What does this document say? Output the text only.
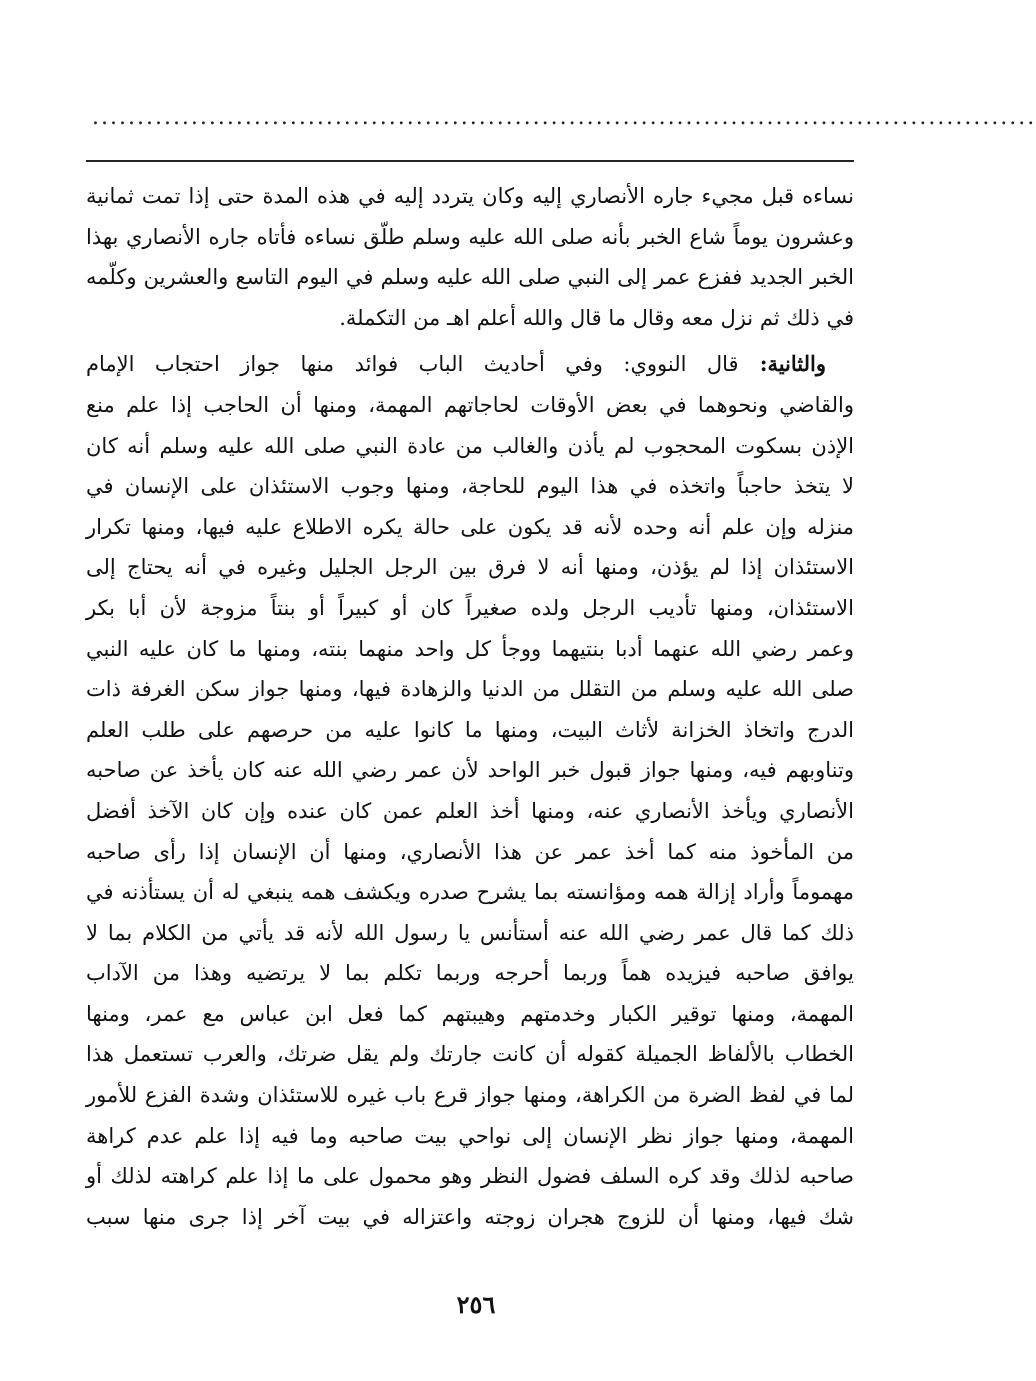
.........................................................................................................

نساءه قبل مجيء جاره الأنصاري إليه وكان يتردد إليه في هذه المدة حتى إذا تمت ثمانية
وعشرون يوماً شاع الخبر بأنه صلى الله عليه وسلم طلّق نساءه فأتاه جاره الأنصاري بهذا
الخبر الجديد ففزع عمر إلى النبي صلى الله عليه وسلم في اليوم التاسع والعشرين وكلّمه
في ذلك ثم نزل معه وقال ما قال والله أعلم اهـ من التكملة.

والثانية: قال النووي: وفي أحاديث الباب فوائد منها جواز احتجاب الإمام
والقاضي ونحوهما في بعض الأوقات لحاجاتهم المهمة، ومنها أن الحاجب إذا علم منع
الإذن بسكوت المحجوب لم يأذن والغالب من عادة النبي صلى الله عليه وسلم أنه كان
لا يتخذ حاجباً واتخذه في هذا اليوم للحاجة، ومنها وجوب الاستئذان على الإنسان في
منزله وإن علم أنه وحده لأنه قد يكون على حالة يكره الاطلاع عليه فيها، ومنها تكرار
الاستئذان إذا لم يؤذن، ومنها أنه لا فرق بين الرجل الجليل وغيره في أنه يحتاج إلى
الاستئذان، ومنها تأديب الرجل ولده صغيراً كان أو كبيراً أو بنتاً مزوجة لأن أبا بكر
وعمر رضي الله عنهما أدبا بنتيهما ووجأ كل واحد منهما بنته، ومنها ما كان عليه النبي
صلى الله عليه وسلم من التقلل من الدنيا والزهادة فيها، ومنها جواز سكن الغرفة ذات
الدرج واتخاذ الخزانة لأثاث البيت، ومنها ما كانوا عليه من حرصهم على طلب العلم
وتناوبهم فيه، ومنها جواز قبول خبر الواحد لأن عمر رضي الله عنه كان يأخذ عن صاحبه
الأنصاري ويأخذ الأنصاري عنه، ومنها أخذ العلم عمن كان عنده وإن كان الآخذ أفضل
من المأخوذ منه كما أخذ عمر عن هذا الأنصاري، ومنها أن الإنسان إذا رأى صاحبه
مهموماً وأراد إزالة همه ومؤانسته بما يشرح صدره ويكشف همه ينبغي له أن يستأذنه في
ذلك كما قال عمر رضي الله عنه أستأنس يا رسول الله لأنه قد يأتي من الكلام بما لا
يوافق صاحبه فيزيده هماً وربما أحرجه وربما تكلم بما لا يرتضيه وهذا من الآداب
المهمة، ومنها توقير الكبار وخدمتهم وهيبتهم كما فعل ابن عباس مع عمر، ومنها
الخطاب بالألفاظ الجميلة كقوله أن كانت جارتك ولم يقل ضرتك، والعرب تستعمل هذا
لما في لفظ الضرة من الكراهة، ومنها جواز قرع باب غيره للاستئذان وشدة الفزع للأمور
المهمة، ومنها جواز نظر الإنسان إلى نواحي بيت صاحبه وما فيه إذا علم عدم كراهة
صاحبه لذلك وقد كره السلف فضول النظر وهو محمول على ما إذا علم كراهته لذلك أو
شك فيها، ومنها أن للزوج هجران زوجته واعتزاله في بيت آخر إذا جرى منها سبب

٢٥٦
